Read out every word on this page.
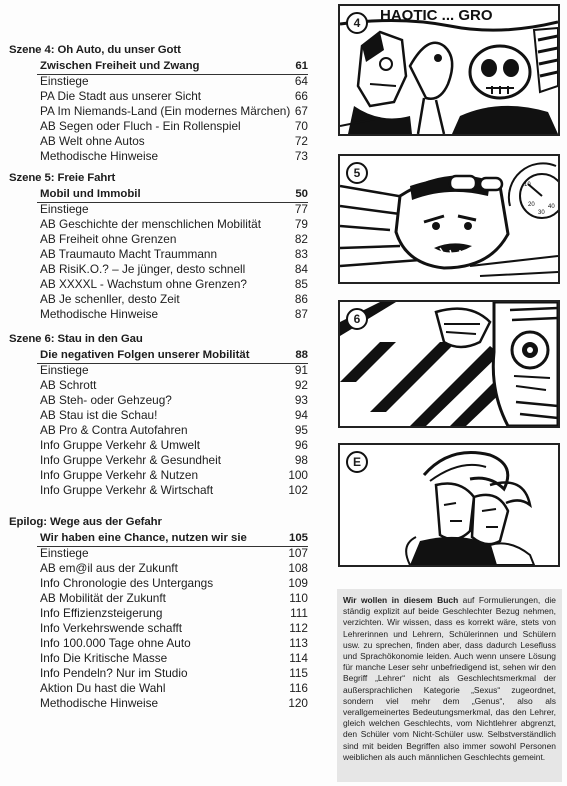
Szene 4: Oh Auto, du unser Gott
Zwischen Freiheit und Zwang	61
Einstiege	64
PA Die Stadt aus unserer Sicht	66
PA Im Niemands-Land (Ein modernes Märchen) 67
AB Segen oder Fluch - Ein Rollenspiel	70
AB Welt ohne Autos	72
Methodische Hinweise	73
Szene 5: Freie Fahrt
Mobil und Immobil	50
Einstiege	77
AB Geschichte der menschlichen Mobilität	79
AB Freiheit ohne Grenzen	82
AB Traumauto Macht Traummann	83
AB RisiK.O.? – Je jünger, desto schnell	84
AB XXXXL - Wachstum ohne Grenzen?	85
AB Je schenller, desto Zeit	86
Methodische Hinweise	87
Szene 6: Stau in den Gau
Die negativen Folgen unserer Mobilität	88
Einstiege	91
AB Schrott	92
AB Steh- oder Gehzeug?	93
AB Stau ist die Schau!	94
AB Pro & Contra Autofahren	95
Info Gruppe Verkehr & Umwelt	96
Info Gruppe Verkehr & Gesundheit	98
Info Gruppe Verkehr & Nutzen	100
Info Gruppe Verkehr & Wirtschaft	102
Epilog: Wege aus der Gefahr
Wir haben eine Chance, nutzen wir sie	105
Einstiege	107
AB em@il aus der Zukunft	108
Info Chronologie des Untergangs	109
AB Mobilität der Zukunft	110
Info Effizienzsteigerung	111
Info Verkehrswende schafft	112
Info 100.000 Tage ohne Auto	113
Info Die Kritische Masse	114
Info Pendeln? Nur im Studio	115
Aktion Du hast die Wahl	116
Methodische Hinweise	120
HAOTIC ... GRO
4
10
20
30
40
5
6
E
Wir wollen in diesem Buch auf Formulierungen, die ständig explizit auf beide Geschlechter Bezug nehmen, verzichten. Wir wissen, dass es korrekt wäre, stets von Lehrerinnen und Lehrern, Schülerinnen und Schülern usw. zu sprechen, finden aber, dass dadurch Lesefluss und Sprachökonomie leiden. Auch wenn unsere Lösung für manche Leser sehr unbefriedigend ist, sehen wir den Begriff „Lehrer“ nicht als Geschlechtsmerkmal der außersprachlichen Kategorie „Sexus“ zugeordnet, sondern viel mehr dem „Genus“, also als verallgemeinertes Bedeutungsmerkmal, das den Lehrer, gleich welchen Geschlechts, vom Nichtlehrer abgrenzt, den Schüler vom Nicht-Schüler usw. Selbstverständlich sind mit beiden Begriffen also immer sowohl Personen weiblichen als auch männlichen Geschlechts gemeint.
